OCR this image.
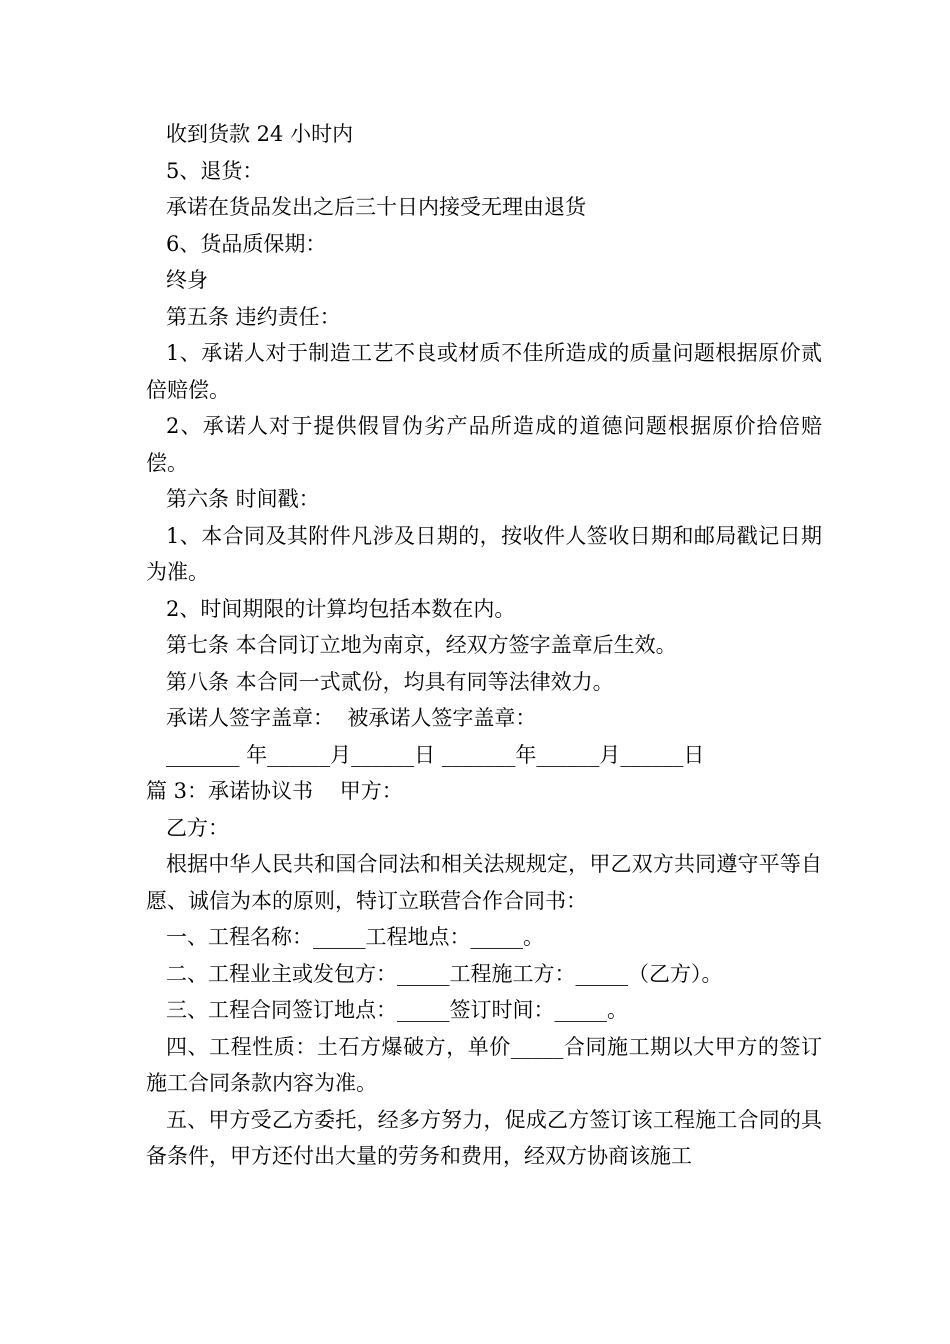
收到货款 24 小时内

5、退货：

承诺在货品发出之后三十日内接受无理由退货

6、货品质保期：

终身

第五条 违约责任：

1、承诺人对于制造工艺不良或材质不佳所造成的质量问题根据原价贰倍赔偿。

2、承诺人对于提供假冒伪劣产品所造成的道德问题根据原价拾倍赔偿。

第六条 时间戳：

1、本合同及其附件凡涉及日期的，按收件人签收日期和邮局戳记日期为准。

2、时间期限的计算均包括本数在内。

第七条 本合同订立地为南京，经双方签字盖章后生效。

第八条 本合同一式贰份，均具有同等法律效力。

承诺人签字盖章：  被承诺人签字盖章：

_______ 年______月______日 _______年______月______日

篇 3：承诺协议书    甲方：

乙方：

根据中华人民共和国合同法和相关法规规定，甲乙双方共同遵守平等自愿、诚信为本的原则，特订立联营合作合同书：

一、工程名称：_____工程地点：_____。

二、工程业主或发包方：_____工程施工方：_____（乙方）。

三、工程合同签订地点：_____签订时间：_____。

四、工程性质：土石方爆破方，单价_____合同施工期以大甲方的签订施工合同条款内容为准。

五、甲方受乙方委托，经多方努力，促成乙方签订该工程施工合同的具备条件，甲方还付出大量的劳务和费用，经双方协商该施工
